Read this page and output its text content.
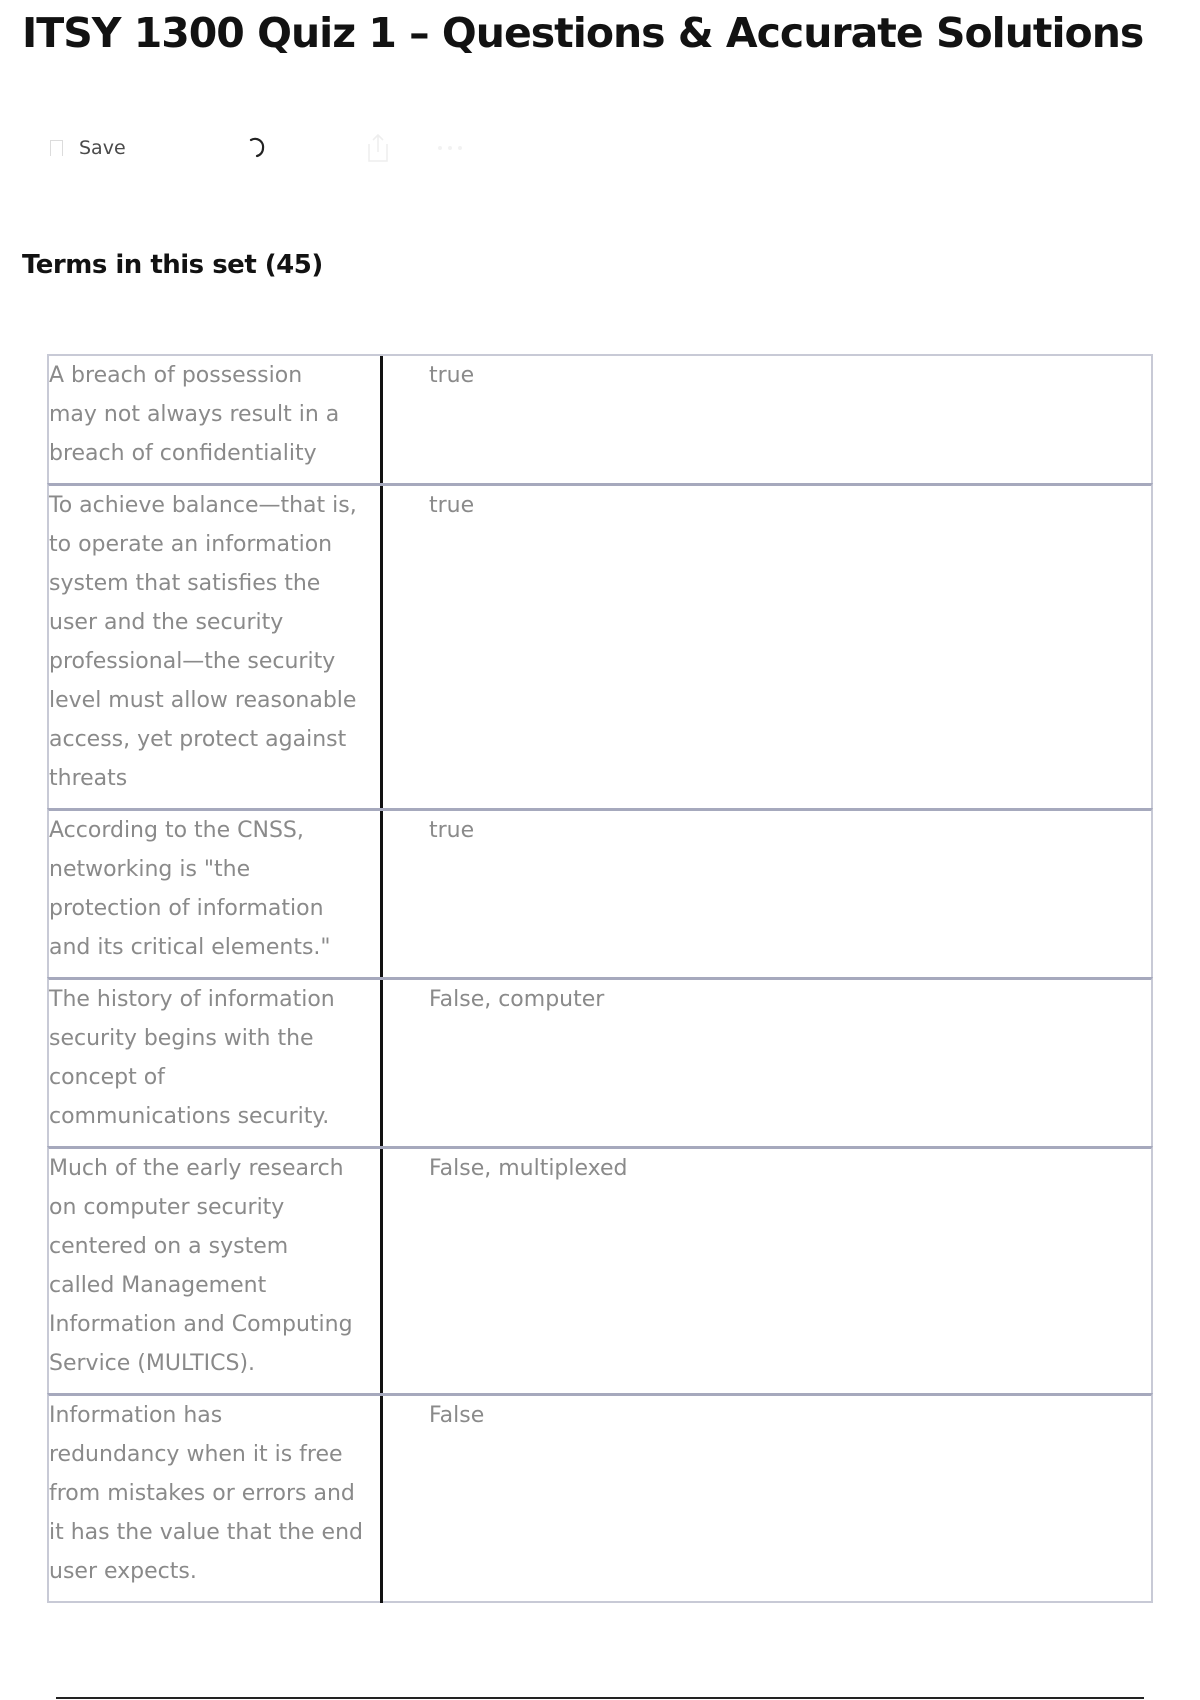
ITSY 1300 Quiz 1 – Questions & Accurate Solutions
Save
Terms in this set (45)
A breach of possession
may not always result in a
breach of confidentiality
true
To achieve balance—that is,
to operate an information
system that satisfies the
user and the security
professional—the security
level must allow reasonable
access, yet protect against
threats
true
According to the CNSS,
networking is "the
protection of information
and its critical elements."
true
The history of information
security begins with the
concept of
communications security.
False, computer
Much of the early research
on computer security
centered on a system
called Management
Information and Computing
Service (MULTICS).
False, multiplexed
Information has
redundancy when it is free
from mistakes or errors and
it has the value that the end
user expects.
False
